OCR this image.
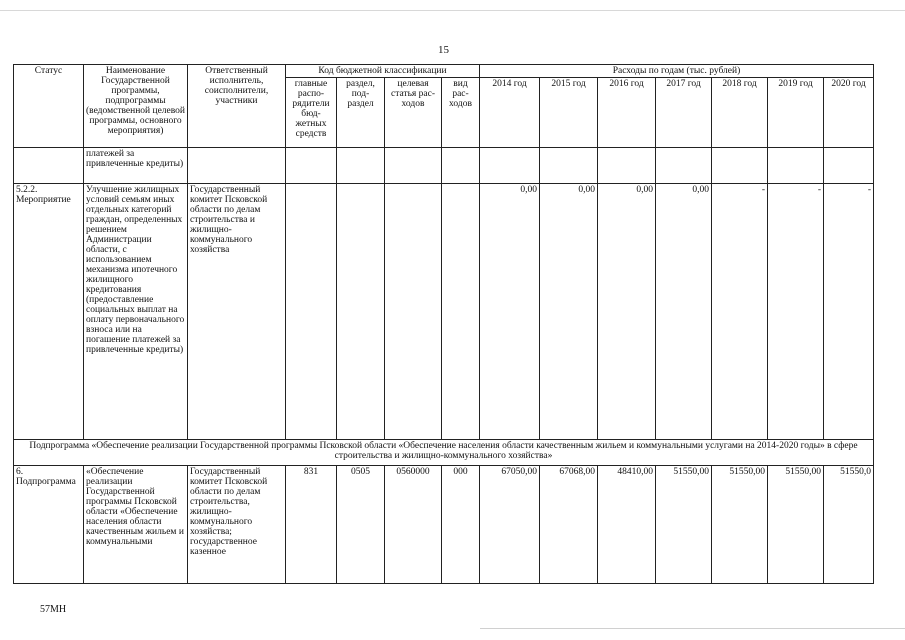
15
Статус	Наименование Государственной программы, подпрограммы (ведомственной целевой программы, основного мероприятия)	Ответственный исполнитель, соисполнители, участники	Код бюджетной классификации				Расходы по годам (тыс. рублей)						
			главные распо-рядители бюд-жетных средств	раздел, под-раздел	целевая статья рас-ходов	вид рас-ходов	2014 год	2015 год	2016 год	2017 год	2018 год	2019 год	2020 год
	платежей за привлеченные кредиты)												
5.2.2. Мероприятие	Улучшение жилищных условий семьям иных отдельных категорий граждан, определенных решением Администрации области, с использованием механизма ипотечного жилищного кредитования (предоставление социальных выплат на оплату первоначального взноса или на погашение платежей за привлеченные кредиты)	Государственный комитет Псковской области по делам строительства и жилищно-коммунального хозяйства					0,00	0,00	0,00	0,00	-	-	-
Подпрограмма «Обеспечение реализации Государственной программы Псковской области «Обеспечение населения области качественным жильем и коммунальными услугами на 2014-2020 годы» в сфере строительства и жилищно-коммунального хозяйства»													
6. Подпрограмма	«Обеспечение реализации Государственной программы Псковской области «Обеспечение населения области качественным жильем и коммунальными	Государственный комитет Псковской области по делам строительства, жилищно-коммунального хозяйства; государственное казенное	831	0505	0560000	000	67050,00	67068,00	48410,00	51550,00	51550,00	51550,00	51550,0
57МН
